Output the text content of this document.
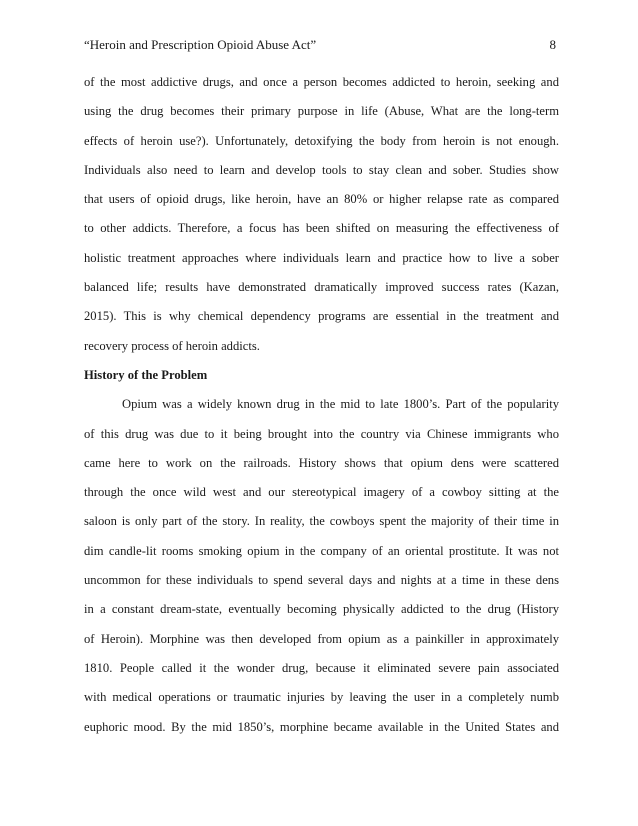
“Heroin and Prescription Opioid Abuse Act”	8
of the most addictive drugs, and once a person becomes addicted to heroin, seeking and
using the drug becomes their primary purpose in life (Abuse, What are the long-term
effects of heroin use?). Unfortunately, detoxifying the body from heroin is not enough.
Individuals also need to learn and develop tools to stay clean and sober. Studies show
that users of opioid drugs, like heroin, have an 80% or higher relapse rate as compared
to other addicts. Therefore, a focus has been shifted on measuring the effectiveness of
holistic treatment approaches where individuals learn and practice how to live a sober
balanced life; results have demonstrated dramatically improved success rates (Kazan,
2015). This is why chemical dependency programs are essential in the treatment and
recovery process of heroin addicts.
History of the Problem
Opium was a widely known drug in the mid to late 1800’s. Part of the popularity
of this drug was due to it being brought into the country via Chinese immigrants who
came here to work on the railroads. History shows that opium dens were scattered
through the once wild west and our stereotypical imagery of a cowboy sitting at the
saloon is only part of the story. In reality, the cowboys spent the majority of their time in
dim candle-lit rooms smoking opium in the company of an oriental prostitute. It was not
uncommon for these individuals to spend several days and nights at a time in these dens
in a constant dream-state, eventually becoming physically addicted to the drug (History
of Heroin). Morphine was then developed from opium as a painkiller in approximately
1810. People called it the wonder drug, because it eliminated severe pain associated
with medical operations or traumatic injuries by leaving the user in a completely numb
euphoric mood. By the mid 1850’s, morphine became available in the United States and
